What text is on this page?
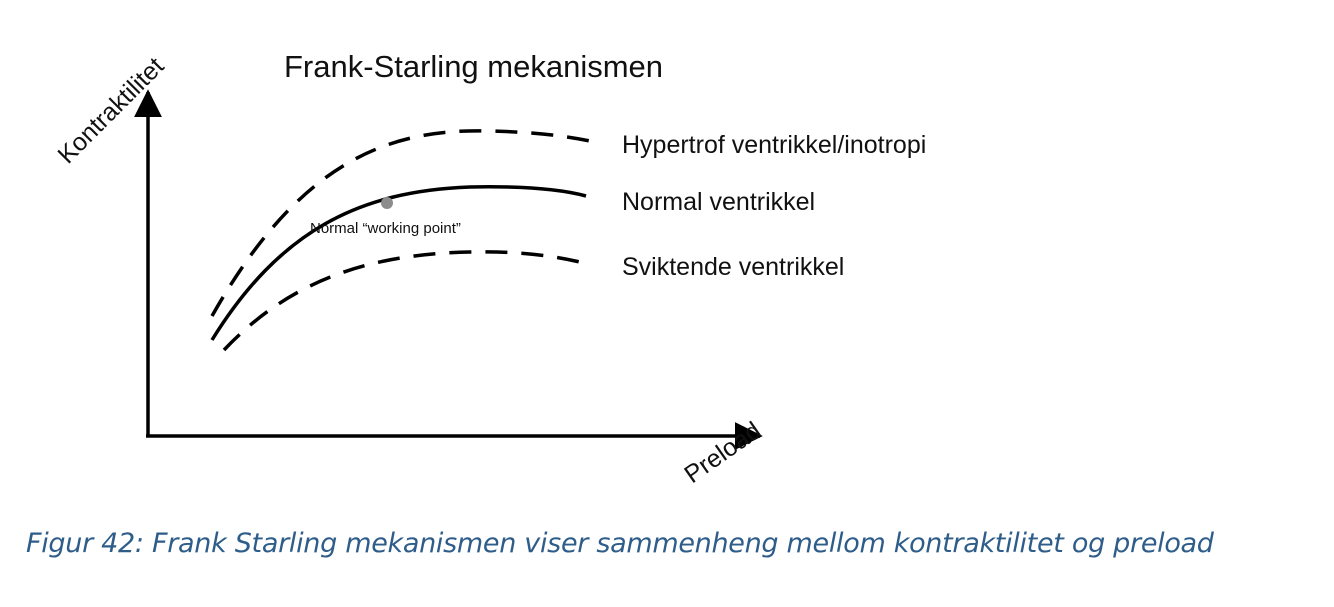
Frank-Starling mekanismen
Kontraktilitet
Preload
Normal “working point”
Hypertrof ventrikkel/inotropi
Normal ventrikkel
Sviktende ventrikkel
Figur 42: Frank Starling mekanismen viser sammenheng mellom kontraktilitet og preload
